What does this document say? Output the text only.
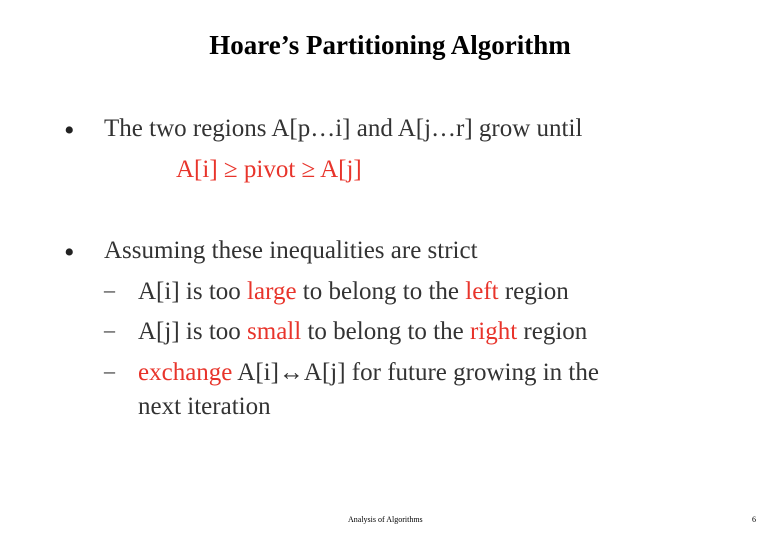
Hoare’s Partitioning Algorithm
• The two regions A[p…i] and A[j…r] grow until
A[i] ≥ pivot ≥ A[j]
• Assuming these inequalities are strict
– A[i] is too large to belong to the left region
– A[j] is too small to belong to the right region
– exchange A[i]↔A[j] for future growing in the
next iteration
Analysis of Algorithms	6
